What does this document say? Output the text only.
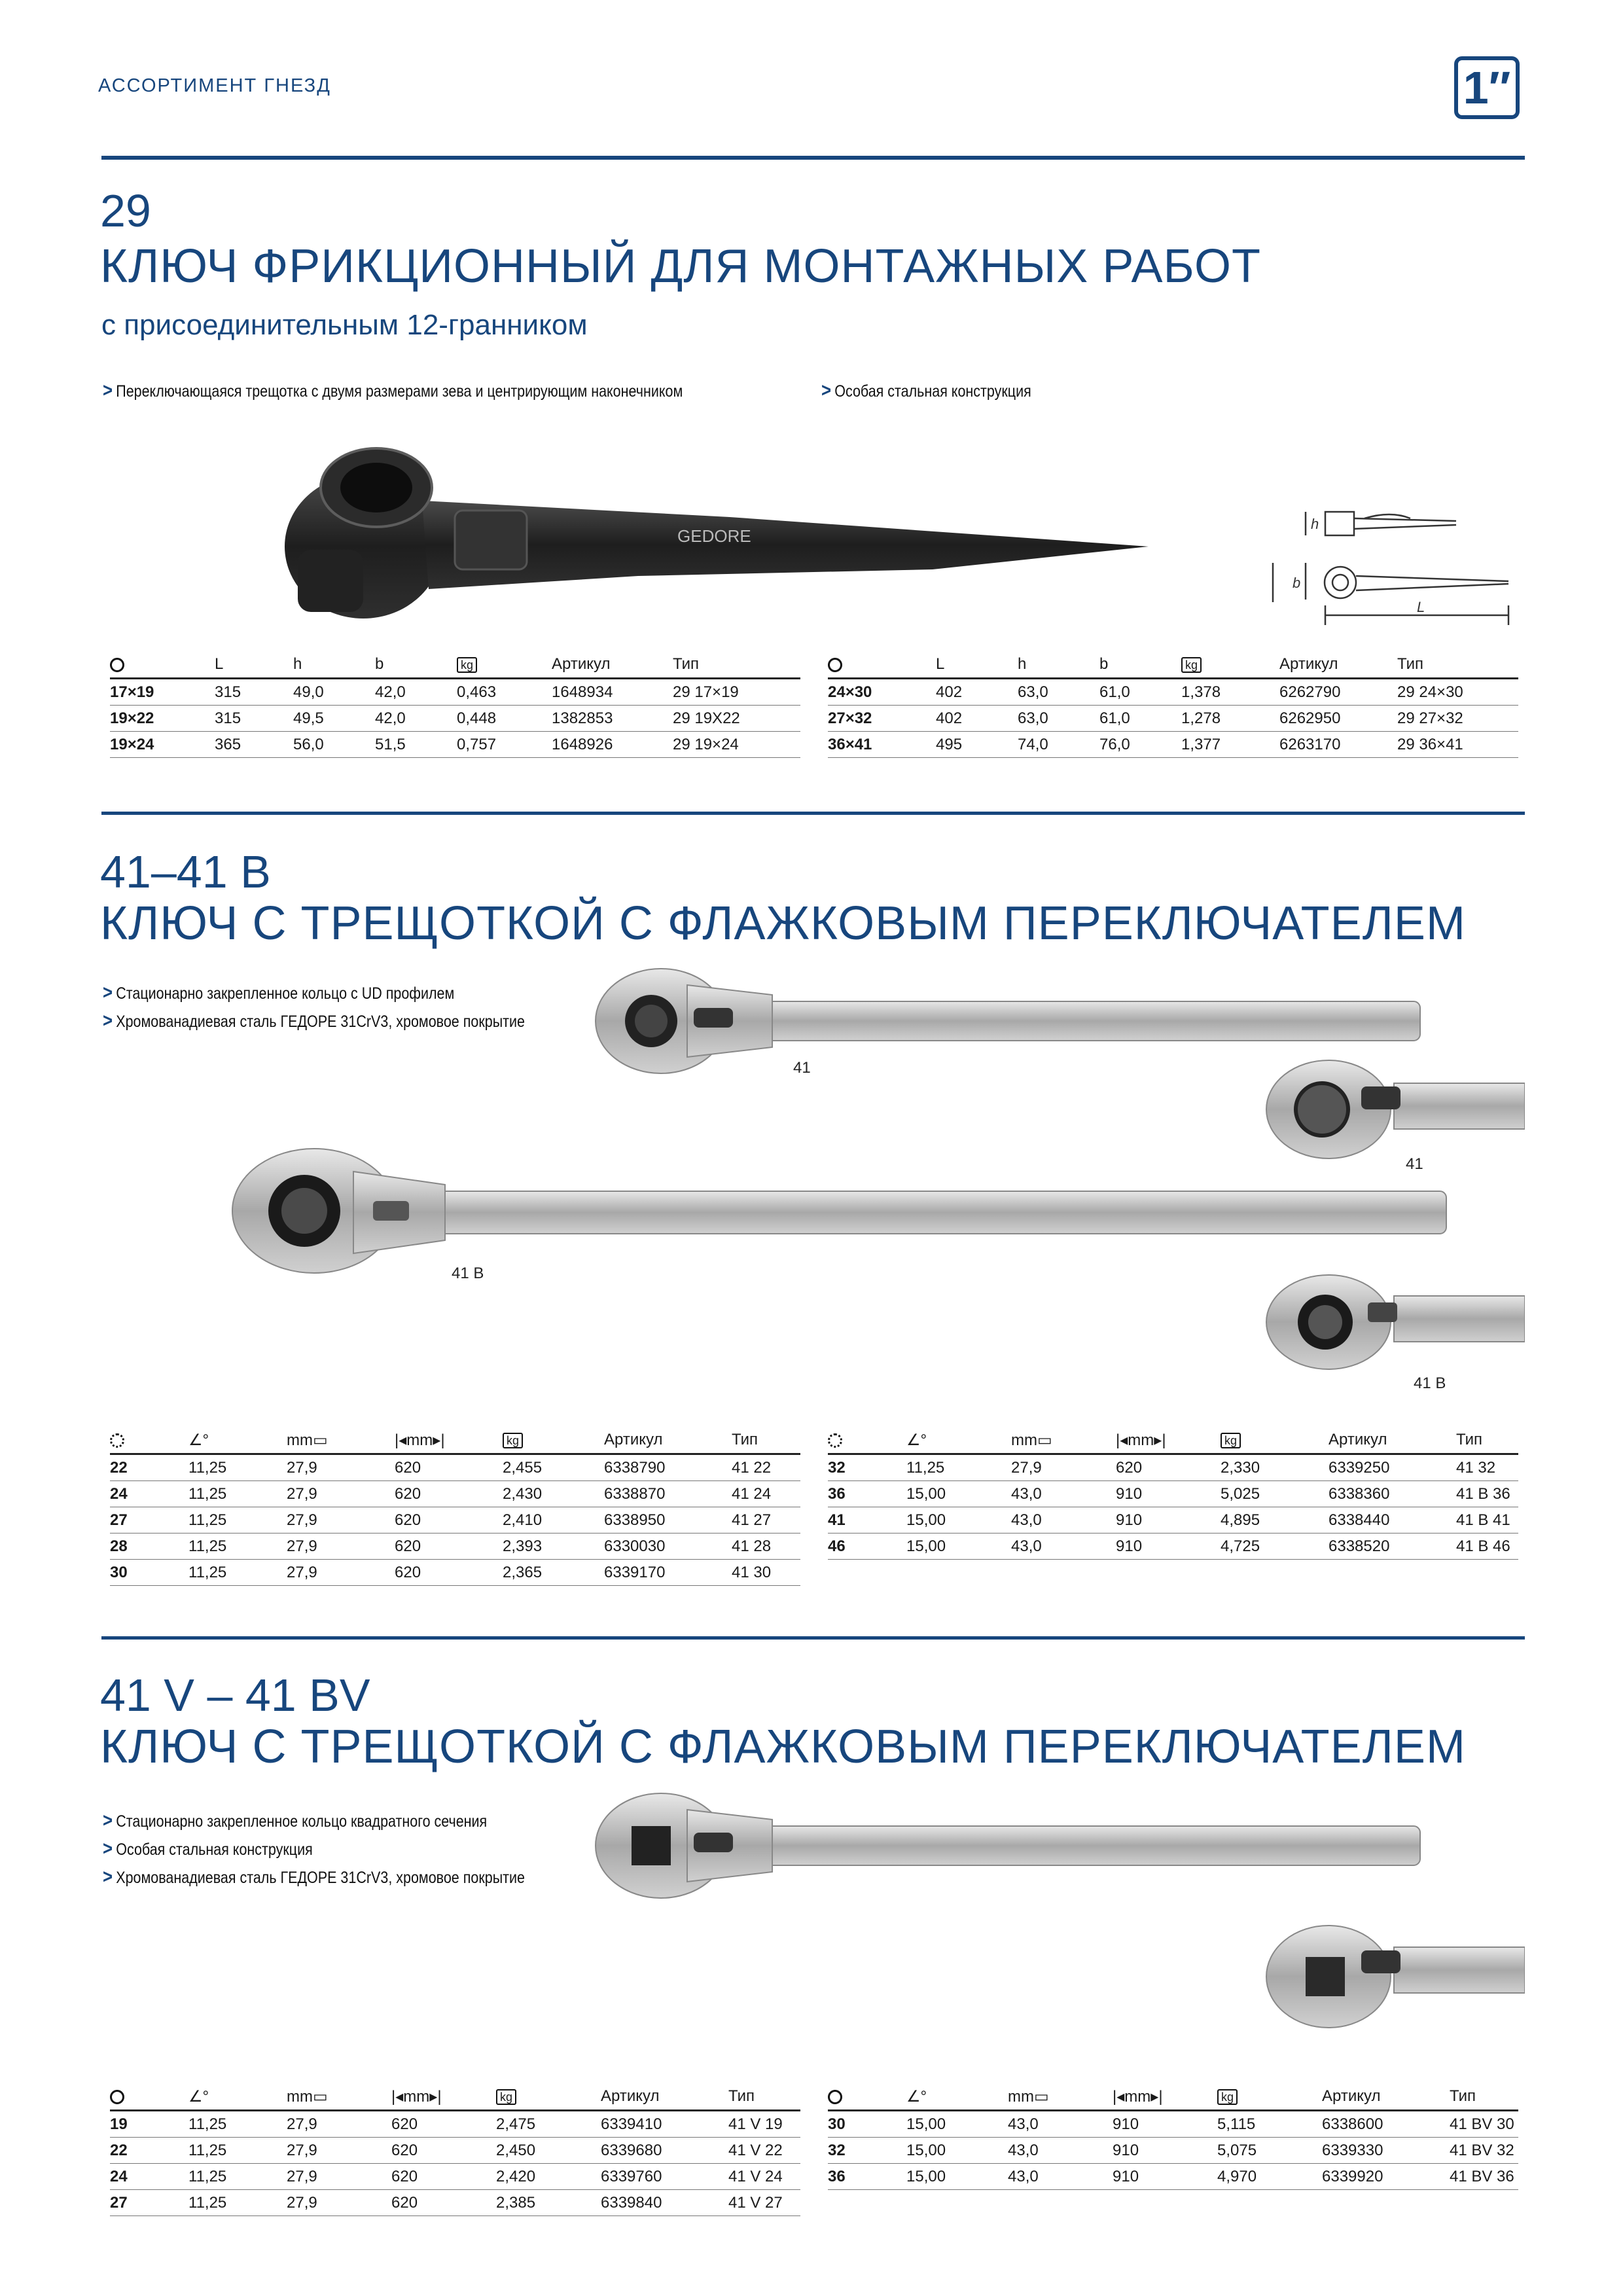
АССОРТИМЕНТ ГНЕЗД	1″
29
КЛЮЧ ФРИКЦИОННЫЙ ДЛЯ МОНТАЖНЫХ РАБОТ
с присоединительным 12-гранником
> Переключающаяся трещотка с двумя размерами зева и центрирующим наконечником	> Особая стальная конструкция
GEDORE
h
b
L
	L	h	b	kg	Артикул	Тип
17×19	315	49,0	42,0	0,463	1648934	29 17×19
19×22	315	49,5	42,0	0,448	1382853	29 19X22
19×24	365	56,0	51,5	0,757	1648926	29 19×24
	L	h	b	kg	Артикул	Тип
24×30	402	63,0	61,0	1,378	6262790	29 24×30
27×32	402	63,0	61,0	1,278	6262950	29 27×32
36×41	495	74,0	76,0	1,377	6263170	29 36×41
41–41 B
КЛЮЧ С ТРЕЩОТКОЙ С ФЛАЖКОВЫМ ПЕРЕКЛЮЧАТЕЛЕМ
> Стационарно закрепленное кольцо с UD профилем
> Хромованадиевая сталь ГЕДОРЕ 31CrV3, хромовое покрытие
41
41
41 B
41 B
	∠°	mm▭	|◂mm▸|	kg	Артикул	Тип
22	11,25	27,9	620	2,455	6338790	41 22
24	11,25	27,9	620	2,430	6338870	41 24
27	11,25	27,9	620	2,410	6338950	41 27
28	11,25	27,9	620	2,393	6330030	41 28
30	11,25	27,9	620	2,365	6339170	41 30
	∠°	mm▭	|◂mm▸|	kg	Артикул	Тип
32	11,25	27,9	620	2,330	6339250	41 32
36	15,00	43,0	910	5,025	6338360	41 B 36
41	15,00	43,0	910	4,895	6338440	41 B 41
46	15,00	43,0	910	4,725	6338520	41 B 46
41 V – 41 BV
КЛЮЧ С ТРЕЩОТКОЙ С ФЛАЖКОВЫМ ПЕРЕКЛЮЧАТЕЛЕМ
> Стационарно закрепленное кольцо квадратного сечения
> Особая стальная конструкция
> Хромованадиевая сталь ГЕДОРЕ 31CrV3, хромовое покрытие
	∠°	mm▭	|◂mm▸|	kg	Артикул	Тип
19	11,25	27,9	620	2,475	6339410	41 V 19
22	11,25	27,9	620	2,450	6339680	41 V 22
24	11,25	27,9	620	2,420	6339760	41 V 24
27	11,25	27,9	620	2,385	6339840	41 V 27
	∠°	mm▭	|◂mm▸|	kg	Артикул	Тип
30	15,00	43,0	910	5,115	6338600	41 BV 30
32	15,00	43,0	910	5,075	6339330	41 BV 32
36	15,00	43,0	910	4,970	6339920	41 BV 36
